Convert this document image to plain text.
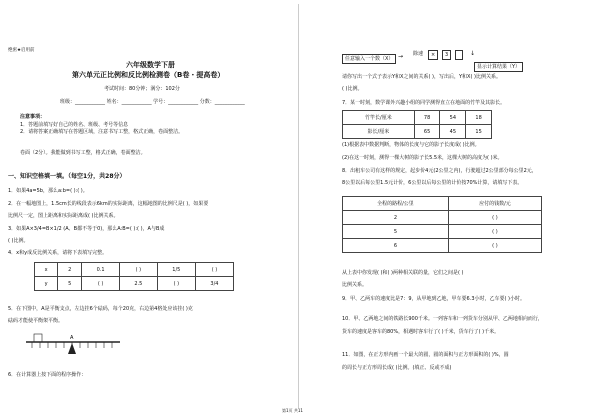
绝密★启用前
六年级数学下册
第六单元正比例和反比例检测卷（B卷・提高卷）
考试时间：80分钟；满分：102分
班级：____________ 姓名：____________ 学号：____________ 分数：____________
注意事项：
1．答题前填写好自己的姓名、班级、考号等信息
2．请将答案正确填写在答题区域，注意书写工整，格式正确，卷面整洁。
卷面（2分）。我能做到书写工整，格式正确，卷面整洁。
一、知识空格填一填。（每空1分，共28分）
1．如果4a=5b，那么a:b=( ):( )。
2．在一幅地图上，1.5cm长的线段表示6km的实际距离，这幅地图的比例尺是( )，如果要
比例尺一定，图上距离和实际距离成( )比例关系。
3．如果A×3/4=B×1/2 (A、B都不等于0)，那么A:B=( ):( )，A与B成
( )比例。
4．x和y成反比例关系，请将下表填写完整。
x	2	0.1	( )	1/5	( )
y	5	( )	2.5	( )	3/4
5．在下图中，A是平衡支点，左边挂6个砝码，每个20克，右边第4格处应该挂( )克
砝码才能使平衡架平衡。
A
6．在计算器上按下面的程序操作：
任意输入一个数（X） →	除速	×	3
	↓
显示计算结果（Y）
请你写出一个式子表示Y和X之间的关系( )，写出后，Y和X( )比例关系。
( )比例。
7．某一时刻，数学课外兴趣小组的同学测得直立在地面的竹竿及其影长。
竹竿长/厘米	78	54	18
影长/厘米	65	45	15
(1)根据表中数据判断，物体的长度与它的影子长度成( )比例。
(2)在这一时刻，测得一棵大树的影子长5.5米，这棵大树的高度为( )米。
8．出租车公司有这样的规定，起步价4元(2公里之内)，行驶超过2公里部分每公里2元，
8公里以后每公里1.5元计价，6公里以后每公里的计价按70%计算，请填写下表。
全程的路程/公里	应付的钱数/元
2	( )
5	( )
6	( )
从上表中你发现( )和( )两种相关联的量，它们之间是( )
比例关系。
9．甲、乙两车的速度比是7：9，从甲地到乙地，甲车要6.3小时，乙车要( )小时。
10．甲、乙两地之间的铁路长900千米。一列客车和一列货车分别从甲、乙两地相向而行，
货车的速度是客车的80%，相遇时客车行了( )千米，货车行了( )千米。
11．如图，在正方形内画一个最大的圆，圆的面积与正方形面积的( )%，圆
的周长与正方形周长成( )比例。(填正、反或不成)
第1页 共11
